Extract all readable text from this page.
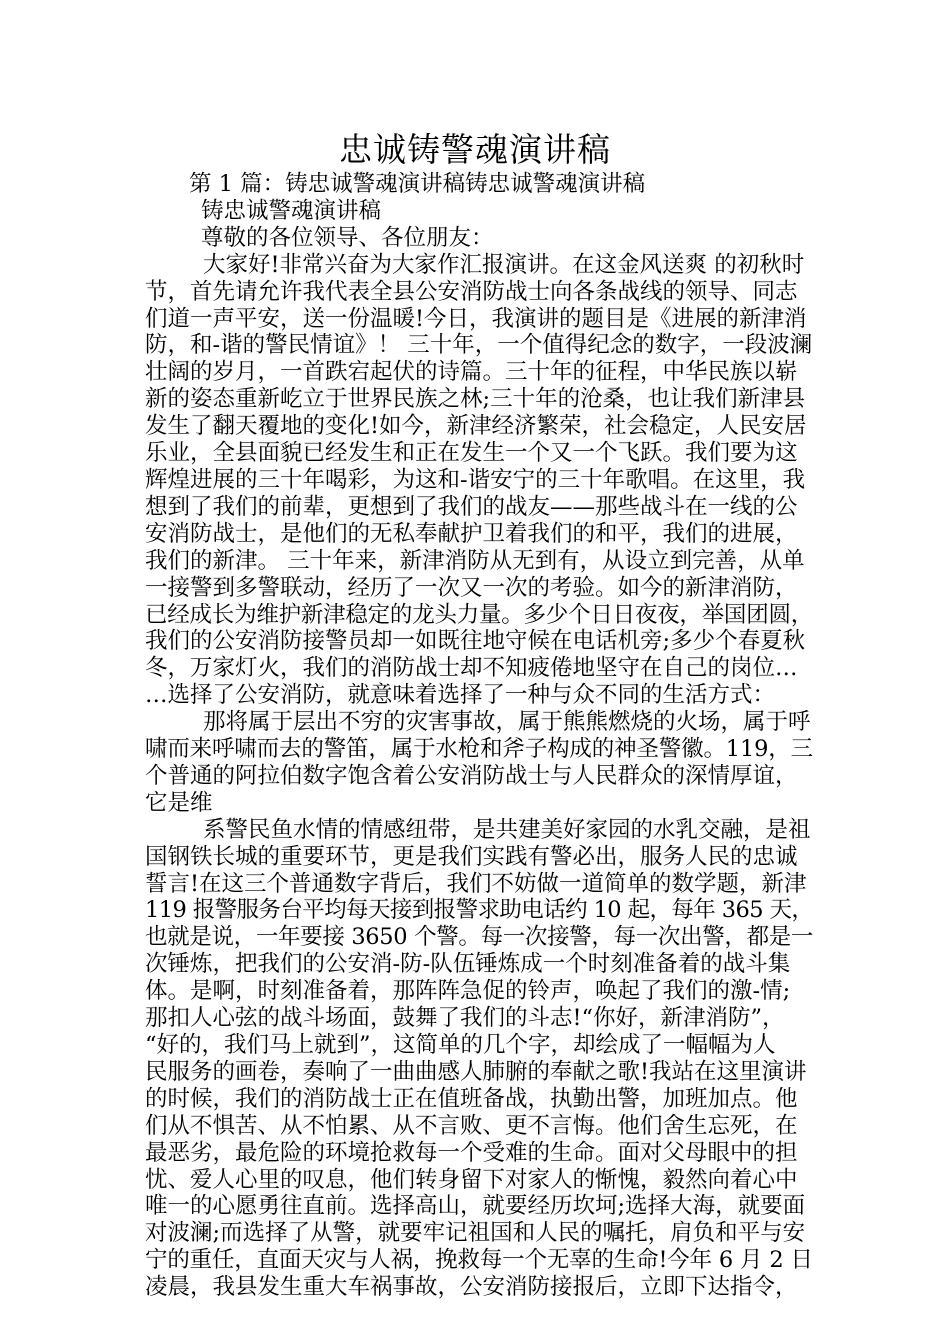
忠诚铸警魂演讲稿
第 1 篇：铸忠诚警魂演讲稿铸忠诚警魂演讲稿
铸忠诚警魂演讲稿
尊敬的各位领导、各位朋友：
大家好!非常兴奋为大家作汇报演讲。在这金风送爽 的初秋时
节，首先请允许我代表全县公安消防战士向各条战线的领导、同志
们道一声平安，送一份温暖!今日，我演讲的题目是《进展的新津消
防，和-谐的警民情谊》！ 三十年，一个值得纪念的数字，一段波澜
壮阔的岁月，一首跌宕起伏的诗篇。三十年的征程，中华民族以崭
新的姿态重新屹立于世界民族之林;三十年的沧桑，也让我们新津县
发生了翻天覆地的变化!如今，新津经济繁荣，社会稳定，人民安居
乐业，全县面貌已经发生和正在发生一个又一个飞跃。我们要为这
辉煌进展的三十年喝彩，为这和-谐安宁的三十年歌唱。在这里，我
想到了我们的前辈，更想到了我们的战友——那些战斗在一线的公
安消防战士，是他们的无私奉献护卫着我们的和平，我们的进展，
我们的新津。 三十年来，新津消防从无到有，从设立到完善，从单
一接警到多警联动，经历了一次又一次的考验。如今的新津消防，
已经成长为维护新津稳定的龙头力量。多少个日日夜夜，举国团圆，
我们的公安消防接警员却一如既往地守候在电话机旁;多少个春夏秋
冬，万家灯火，我们的消防战士却不知疲倦地坚守在自己的岗位…
…选择了公安消防，就意味着选择了一种与众不同的生活方式：
那将属于层出不穷的灾害事故，属于熊熊燃烧的火场，属于呼
啸而来呼啸而去的警笛，属于水枪和斧子构成的神圣警徽。119，三
个普通的阿拉伯数字饱含着公安消防战士与人民群众的深情厚谊，
它是维
系警民鱼水情的情感纽带，是共建美好家园的水乳交融，是祖
国钢铁长城的重要环节，更是我们实践有警必出，服务人民的忠诚
誓言!在这三个普通数字背后，我们不妨做一道简单的数学题，新津
119 报警服务台平均每天接到报警求助电话约 10 起，每年 365 天，
也就是说，一年要接 3650 个警。每一次接警，每一次出警，都是一
次锤炼，把我们的公安消-防-队伍锤炼成一个时刻准备着的战斗集
体。是啊，时刻准备着，那阵阵急促的铃声，唤起了我们的激-情;
那扣人心弦的战斗场面，鼓舞了我们的斗志!“你好，新津消防”，
“好的，我们马上就到”，这简单的几个字，却绘成了一幅幅为人
民服务的画卷，奏响了一曲曲感人肺腑的奉献之歌!我站在这里演讲
的时候，我们的消防战士正在值班备战，执勤出警，加班加点。他
们从不惧苦、从不怕累、从不言败、更不言悔。他们舍生忘死，在
最恶劣，最危险的环境抢救每一个受难的生命。面对父母眼中的担
忧、爱人心里的叹息，他们转身留下对家人的惭愧，毅然向着心中
唯一的心愿勇往直前。选择高山，就要经历坎坷;选择大海，就要面
对波澜;而选择了从警，就要牢记祖国和人民的嘱托，肩负和平与安
宁的重任，直面天灾与人祸，挽救每一个无辜的生命!今年 6 月 2 日
凌晨，我县发生重大车祸事故，公安消防接报后，立即下达指令，
